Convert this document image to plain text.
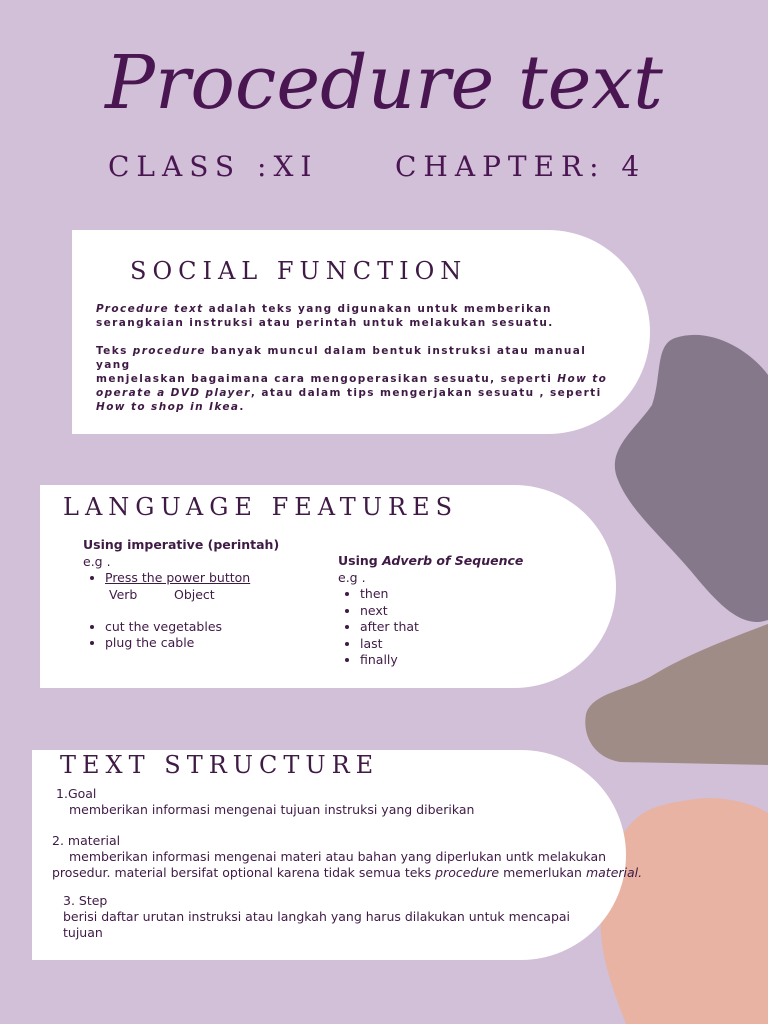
Procedure text
CLASS :XI	CHAPTER: 4
SOCIAL FUNCTION

Procedure text adalah teks yang digunakan untuk memberikan
serangkaian instruksi atau perintah untuk melakukan sesuatu.

Teks procedure banyak muncul dalam bentuk instruksi atau manual yang
menjelaskan bagaimana cara mengoperasikan sesuatu, seperti How to
operate a DVD player, atau dalam tips mengerjakan sesuatu , seperti
How to shop in Ikea.

LANGUAGE FEATURES
Using imperative (perintah)
e.g .
• Press the power button
Verb	Object
• cut the vegetables
• plug the cable
Using Adverb of Sequence
e.g .
• then
• next
• after that
• last
• finally
TEXT STRUCTURE
1.Goal
memberikan informasi mengenai tujuan instruksi yang diberikan
2. material
memberikan informasi mengenai materi atau bahan yang diperlukan untk melakukan
prosedur. material bersifat optional karena tidak semua teks procedure memerlukan material.
3. Step
berisi daftar urutan instruksi atau langkah yang harus dilakukan untuk mencapai
tujuan
